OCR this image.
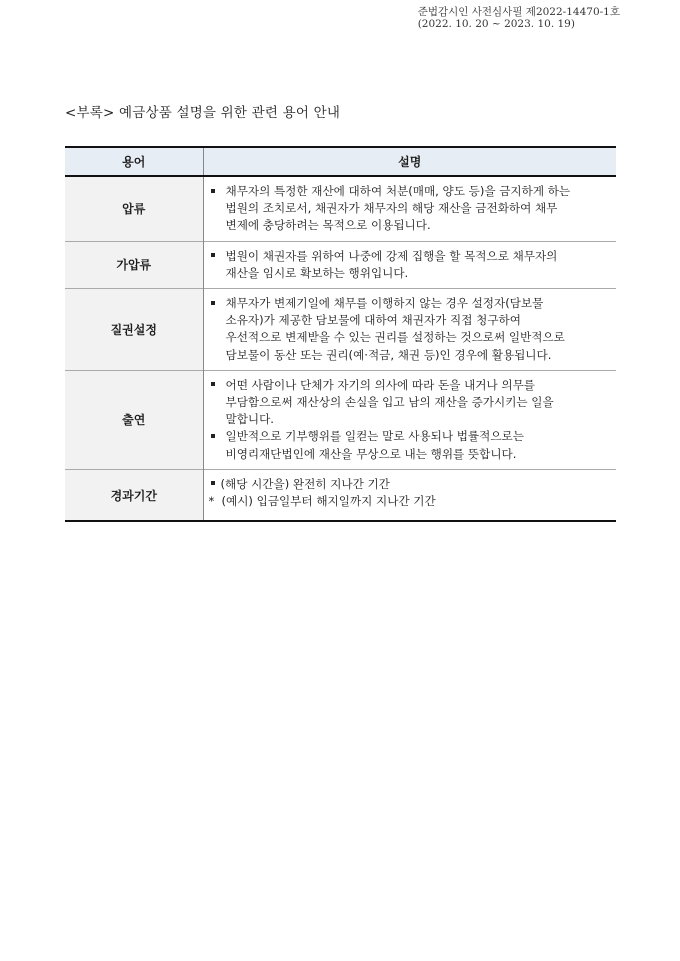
준법감시인 사전심사필 제2022-14470-1호
(2022. 10. 20 ~ 2023. 10. 19)
<부록> 예금상품 설명을 위한 관련 용어 안내
용어	설명
압류	채무자의 특정한 재산에 대하여 처분(매매, 양도 등)을 금지하게 하는
법원의 조치로서, 채권자가 채무자의 해당 재산을 금전화하여 채무
변제에 충당하려는 목적으로 이용됩니다.

가압류	법원이 채권자를 위하여 나중에 강제 집행을 할 목적으로 채무자의
재산을 임시로 확보하는 행위입니다.

질권설정	채무자가 변제기일에 채무를 이행하지 않는 경우 설정자(담보물
소유자)가 제공한 담보물에 대하여 채권자가 직접 청구하여
우선적으로 변제받을 수 있는 권리를 설정하는 것으로써 일반적으로
담보물이 동산 또는 권리(예·적금, 채권 등)인 경우에 활용됩니다.

출연	어떤 사람이나 단체가 자기의 의사에 따라 돈을 내거나 의무를
부담함으로써 재산상의 손실을 입고 남의 재산을 증가시키는 일을
말합니다.
일반적으로 기부행위를 일컫는 말로 사용되나 법률적으로는
비영리재단법인에 재산을 무상으로 내는 행위를 뜻합니다.

경과기간	(해당 시간을) 완전히 지나간 기간
* (예시) 입금일부터 해지일까지 지나간 기간
